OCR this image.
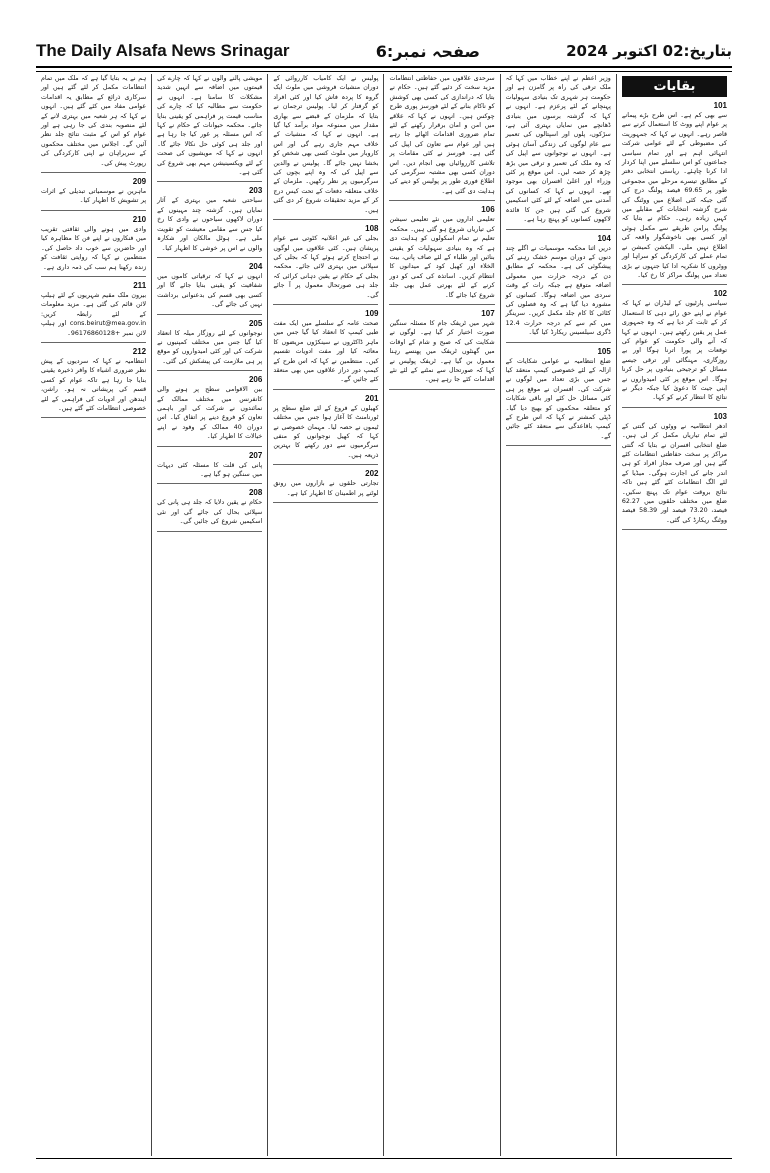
The Daily Alsafa News Srinagar	صفحہ نمبر:6	بتاریخ:02 اکتوبر 2024
بقایات
101

سے بھی کم ہے۔ اس طرح بڑے پیمانے پر عوام اپنے ووٹ کا استعمال کرنے سے قاصر رہے۔ انہوں نے کہا کہ جمہوریت کی مضبوطی کے لئے عوامی شرکت انتہائی اہم ہے اور تمام سیاسی جماعتوں کو اس سلسلے میں اپنا کردار ادا کرنا چاہئے۔ ریاستی انتخابی دفتر کے مطابق تیسرے مرحلے میں مجموعی طور پر 69.65 فیصد پولنگ درج کی گئی جبکہ کئی اضلاع میں ووٹنگ کی شرح گزشتہ انتخابات کے مقابلے میں کہیں زیادہ رہی۔ حکام نے بتایا کہ پولنگ پرامن طریقے سے مکمل ہوئی اور کسی بھی ناخوشگوار واقعہ کی اطلاع نہیں ملی۔ الیکشن کمیشن نے تمام عملے کی کارکردگی کو سراہا اور ووٹروں کا شکریہ ادا کیا جنہوں نے بڑی تعداد میں پولنگ مراکز کا رخ کیا۔

102

سیاسی پارٹیوں کے لیڈران نے کہا کہ عوام نے اپنے حق رائے دہی کا استعمال کر کے ثابت کر دیا ہے کہ وہ جمہوری عمل پر یقین رکھتے ہیں۔ انہوں نے کہا کہ آنے والی حکومت کو عوام کی توقعات پر پورا اترنا ہوگا اور بے روزگاری، مہنگائی اور ترقی جیسے مسائل کو ترجیحی بنیادوں پر حل کرنا ہوگا۔ اس موقع پر کئی امیدواروں نے اپنی جیت کا دعویٰ کیا جبکہ دیگر نے نتائج کا انتظار کرنے کو کہا۔

103

ادھر انتظامیہ نے ووٹوں کی گنتی کے لئے تمام تیاریاں مکمل کر لی ہیں۔ ضلع انتخابی افسران نے بتایا کہ گنتی مراکز پر سخت حفاظتی انتظامات کئے گئے ہیں اور صرف مجاز افراد کو ہی اندر جانے کی اجازت ہوگی۔ میڈیا کے لئے الگ انتظامات کئے گئے ہیں تاکہ نتائج بروقت عوام تک پہنچ سکیں۔ ضلع میں مختلف حلقوں میں 62.27 فیصد، 73.20 فیصد اور 58.39 فیصد ووٹنگ ریکارڈ کی گئی۔

وزیر اعظم نے اپنے خطاب میں کہا کہ ملک ترقی کی راہ پر گامزن ہے اور حکومت ہر شہری تک بنیادی سہولیات پہنچانے کے لئے پرعزم ہے۔ انہوں نے کہا کہ گزشتہ برسوں میں بنیادی ڈھانچے میں نمایاں بہتری آئی ہے، سڑکوں، پلوں اور اسپتالوں کی تعمیر سے عام لوگوں کی زندگی آسان ہوئی ہے۔ انہوں نے نوجوانوں سے اپیل کی کہ وہ ملک کی تعمیر و ترقی میں بڑھ چڑھ کر حصہ لیں۔ اس موقع پر کئی وزراء اور اعلیٰ افسران بھی موجود تھے۔ انہوں نے کہا کہ کسانوں کی آمدنی میں اضافہ کے لئے کئی اسکیمیں شروع کی گئی ہیں جن کا فائدہ لاکھوں کسانوں کو پہنچ رہا ہے۔

104

دریں اثنا محکمہ موسمیات نے اگلے چند دنوں کے دوران موسم خشک رہنے کی پیشگوئی کی ہے۔ محکمہ کے مطابق دن کے درجہ حرارت میں معمولی اضافہ متوقع ہے جبکہ رات کے وقت سردی میں اضافہ ہوگا۔ کسانوں کو مشورہ دیا گیا ہے کہ وہ فصلوں کی کٹائی کا کام جلد مکمل کریں۔ سرینگر میں کم سے کم درجہ حرارت 12.4 ڈگری سیلسیس ریکارڈ کیا گیا۔

105

ضلع انتظامیہ نے عوامی شکایات کے ازالہ کے لئے خصوصی کیمپ منعقد کیا جس میں بڑی تعداد میں لوگوں نے شرکت کی۔ افسران نے موقع پر ہی کئی مسائل حل کئے اور باقی شکایات کو متعلقہ محکموں کو بھیج دیا گیا۔ ڈپٹی کمشنر نے کہا کہ اس طرح کے کیمپ باقاعدگی سے منعقد کئے جائیں گے۔

سرحدی علاقوں میں حفاظتی انتظامات مزید سخت کر دئیے گئے ہیں۔ حکام نے بتایا کہ دراندازی کی کسی بھی کوشش کو ناکام بنانے کے لئے فورسز پوری طرح چوکس ہیں۔ انہوں نے کہا کہ علاقے میں امن و امان برقرار رکھنے کے لئے تمام ضروری اقدامات اٹھائے جا رہے ہیں اور عوام سے تعاون کی اپیل کی گئی ہے۔ فورسز نے کئی مقامات پر تلاشی کارروائیاں بھی انجام دیں۔ اس دوران کسی بھی مشتبہ سرگرمی کی اطلاع فوری طور پر پولیس کو دینے کی ہدایت دی گئی ہے۔

106

تعلیمی اداروں میں نئے تعلیمی سیشن کی تیاریاں شروع ہو گئی ہیں۔ محکمہ تعلیم نے تمام اسکولوں کو ہدایت دی ہے کہ وہ بنیادی سہولیات کو یقینی بنائیں اور طلباء کے لئے صاف پانی، بیت الخلاء اور کھیل کود کے میدانوں کا انتظام کریں۔ اساتذہ کی کمی کو دور کرنے کے لئے بھرتی عمل بھی جلد شروع کیا جائے گا۔

107

شہر میں ٹریفک جام کا مسئلہ سنگین صورت اختیار کر گیا ہے۔ لوگوں نے شکایت کی کہ صبح و شام کے اوقات میں گھنٹوں ٹریفک میں پھنسے رہنا معمول بن گیا ہے۔ ٹریفک پولیس نے کہا کہ صورتحال سے نمٹنے کے لئے نئے اقدامات کئے جا رہے ہیں۔

پولیس نے ایک کامیاب کارروائی کے دوران منشیات فروشی میں ملوث ایک گروہ کا پردہ فاش کیا اور کئی افراد کو گرفتار کر لیا۔ پولیس ترجمان نے بتایا کہ ملزمان کے قبضے سے بھاری مقدار میں ممنوعہ مواد برآمد کیا گیا ہے۔ انہوں نے کہا کہ منشیات کے خلاف مہم جاری رہے گی اور اس کاروبار میں ملوث کسی بھی شخص کو بخشا نہیں جائے گا۔ پولیس نے والدین سے اپیل کی کہ وہ اپنے بچوں کی سرگرمیوں پر نظر رکھیں۔ ملزمان کے خلاف متعلقہ دفعات کے تحت کیس درج کر کے مزید تحقیقات شروع کر دی گئی ہیں۔

108

بجلی کی غیر اعلانیہ کٹوتی سے عوام پریشان ہیں۔ کئی علاقوں میں لوگوں نے احتجاج کرتے ہوئے کہا کہ بجلی کی سپلائی میں بہتری لائی جائے۔ محکمہ بجلی کے حکام نے یقین دہانی کرائی کہ جلد ہی صورتحال معمول پر آ جائے گی۔

109

صحت عامہ کے سلسلے میں ایک مفت طبی کیمپ کا انعقاد کیا گیا جس میں ماہر ڈاکٹروں نے سینکڑوں مریضوں کا معائنہ کیا اور مفت ادویات تقسیم کیں۔ منتظمین نے کہا کہ اس طرح کے کیمپ دور دراز علاقوں میں بھی منعقد کئے جائیں گے۔

201

کھیلوں کے فروغ کے لئے ضلع سطح پر ٹورنامنٹ کا آغاز ہوا جس میں مختلف ٹیموں نے حصہ لیا۔ مہمان خصوصی نے کہا کہ کھیل نوجوانوں کو منفی سرگرمیوں سے دور رکھنے کا بہترین ذریعہ ہیں۔

202

تجارتی حلقوں نے بازاروں میں رونق لوٹنے پر اطمینان کا اظہار کیا ہے۔

مویشی پالنے والوں نے کہا کہ چارے کی قیمتوں میں اضافہ سے انہیں شدید مشکلات کا سامنا ہے۔ انہوں نے حکومت سے مطالبہ کیا کہ چارے کی مناسب قیمت پر فراہمی کو یقینی بنایا جائے۔ محکمہ حیوانات کے حکام نے کہا کہ اس مسئلہ پر غور کیا جا رہا ہے اور جلد ہی کوئی حل نکالا جائے گا۔ انہوں نے کہا کہ مویشیوں کی صحت کے لئے ویکسینیشن مہم بھی شروع کی گئی ہے۔

203

سیاحتی شعبہ میں بہتری کے آثار نمایاں ہیں۔ گزشتہ چند مہینوں کے دوران لاکھوں سیاحوں نے وادی کا رخ کیا جس سے مقامی معیشت کو تقویت ملی ہے۔ ہوٹل مالکان اور شکارہ والوں نے اس پر خوشی کا اظہار کیا۔

204

انہوں نے کہا کہ ترقیاتی کاموں میں شفافیت کو یقینی بنایا جائے گا اور کسی بھی قسم کی بدعنوانی برداشت نہیں کی جائے گی۔

205

نوجوانوں کے لئے روزگار میلہ کا انعقاد کیا گیا جس میں مختلف کمپنیوں نے شرکت کی اور کئی امیدواروں کو موقع پر ہی ملازمت کی پیشکش کی گئی۔

206

بین الاقوامی سطح پر ہونے والی کانفرنس میں مختلف ممالک کے نمائندوں نے شرکت کی اور باہمی تعاون کو فروغ دینے پر اتفاق کیا۔ اس دوران 40 ممالک کے وفود نے اپنے خیالات کا اظہار کیا۔

207

پانی کی قلت کا مسئلہ کئی دیہات میں سنگین ہو گیا ہے۔

208

حکام نے یقین دلایا کہ جلد ہی پانی کی سپلائی بحال کی جائے گی اور نئی اسکیمیں شروع کی جائیں گی۔

ہم نے یہ بتایا گیا ہے کہ ملک میں تمام انتظامات مکمل کر لئے گئے ہیں اور سرکاری ذرائع کے مطابق یہ اقدامات عوامی مفاد میں کئے گئے ہیں۔ انہوں نے کہا کہ ہر شعبہ میں بہتری لانے کے لئے منصوبہ بندی کی جا رہی ہے اور عوام کو اس کے مثبت نتائج جلد نظر آئیں گے۔ اجلاس میں مختلف محکموں کے سربراہان نے اپنی کارکردگی کی رپورٹ پیش کی۔

209

ماہرین نے موسمیاتی تبدیلی کے اثرات پر تشویش کا اظہار کیا۔

210

وادی میں ہونے والی ثقافتی تقریب میں فنکاروں نے اپنے فن کا مظاہرہ کیا اور حاضرین سے خوب داد حاصل کی۔ منتظمین نے کہا کہ روایتی ثقافت کو زندہ رکھنا ہم سب کی ذمہ داری ہے۔

211

بیرون ملک مقیم شہریوں کے لئے ہیلپ لائن قائم کی گئی ہے۔ مزید معلومات کے لئے رابطہ کریں: cons.beirut@mea.gov.in اور ہیلپ لائن نمبر +96176860128۔

212

انتظامیہ نے کہا کہ سردیوں کے پیش نظر ضروری اشیاء کا وافر ذخیرہ یقینی بنایا جا رہا ہے تاکہ عوام کو کسی قسم کی پریشانی نہ ہو۔ راشن، ایندھن اور ادویات کی فراہمی کے لئے خصوصی انتظامات کئے گئے ہیں۔
